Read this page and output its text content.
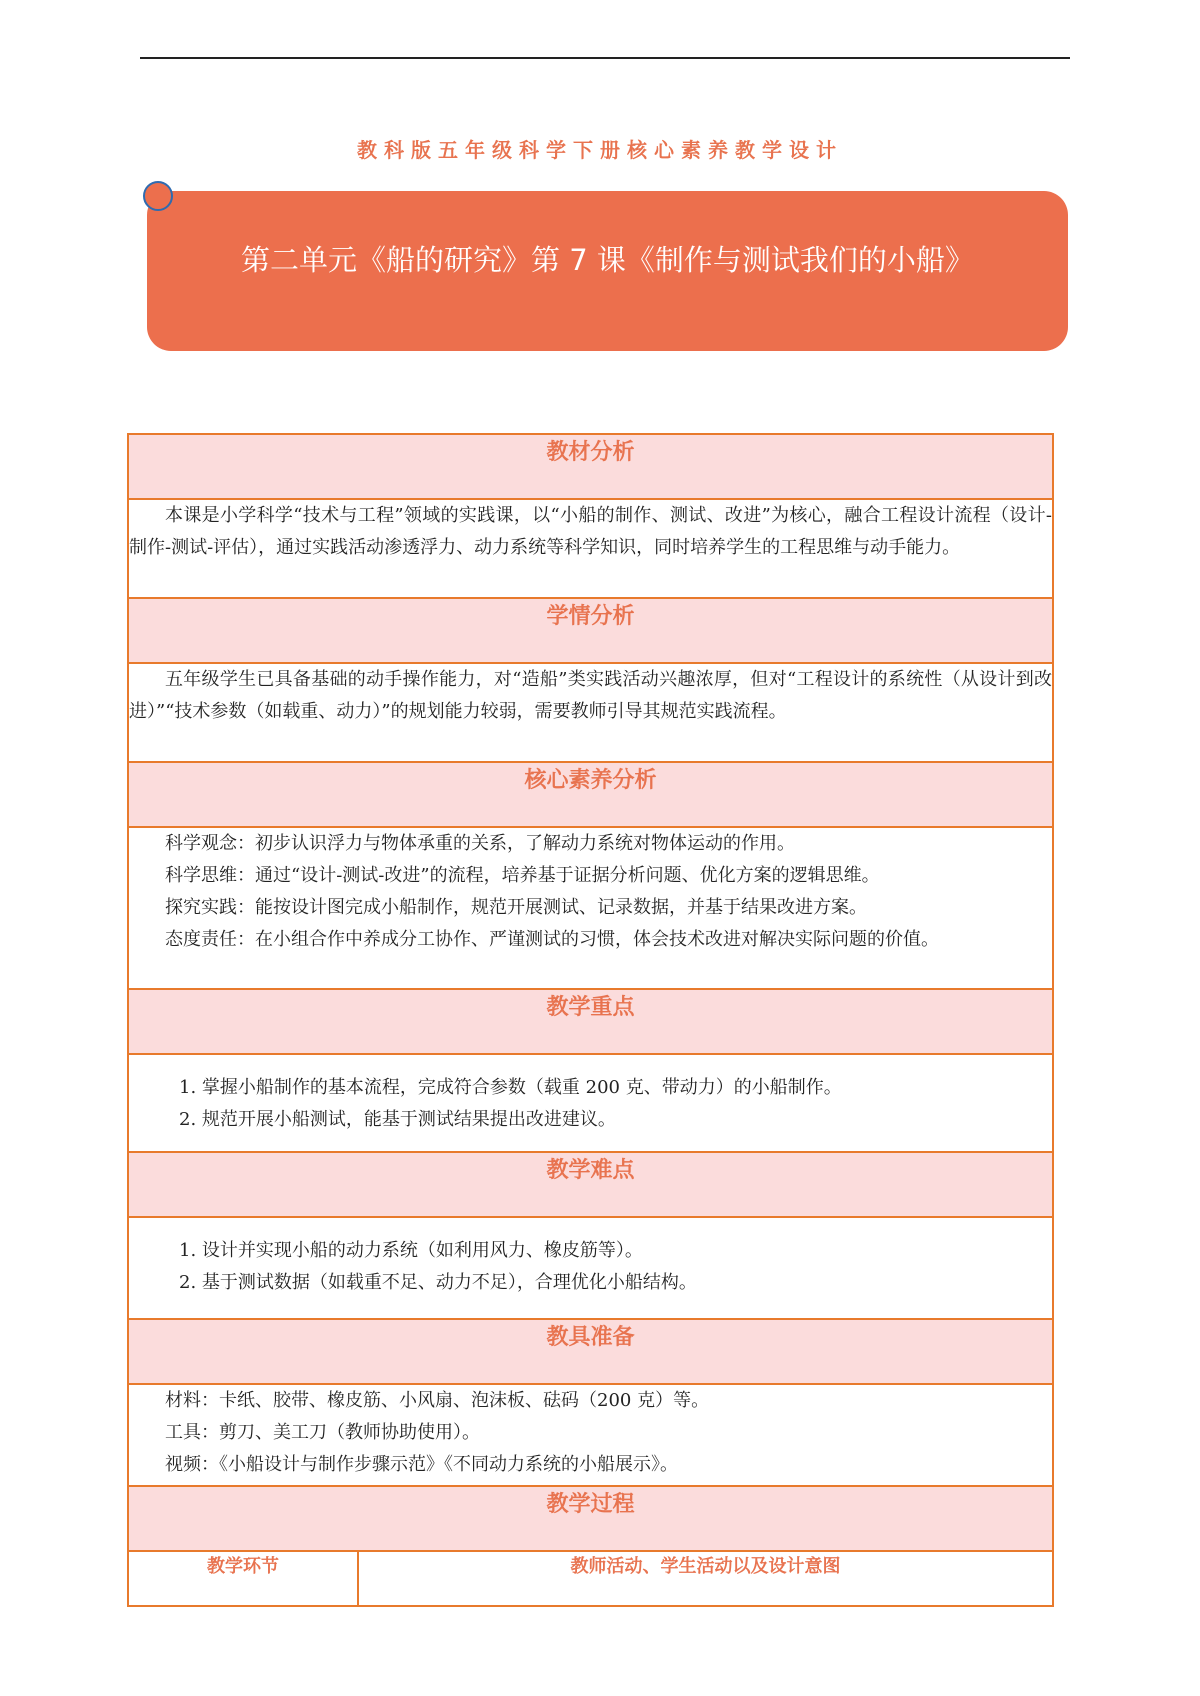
教科版五年级科学下册核心素养教学设计
第二单元《船的研究》第 7 课《制作与测试我们的小船》
教材分析

本课是小学科学“技术与工程”领域的实践课，以“小船的制作、测试、改进”为核心，融合工程设计流程（设计-制作-测试-评估），通过实践活动渗透浮力、动力系统等科学知识，同时培养学生的工程思维与动手能力。

学情分析

五年级学生已具备基础的动手操作能力，对“造船”类实践活动兴趣浓厚，但对“工程设计的系统性（从设计到改进）”“技术参数（如载重、动力）”的规划能力较弱，需要教师引导其规范实践流程。

核心素养分析

科学观念：初步认识浮力与物体承重的关系，了解动力系统对物体运动的作用。

科学思维：通过“设计-测试-改进”的流程，培养基于证据分析问题、优化方案的逻辑思维。

探究实践：能按设计图完成小船制作，规范开展测试、记录数据，并基于结果改进方案。

态度责任：在小组合作中养成分工协作、严谨测试的习惯，体会技术改进对解决实际问题的价值。

教学重点

1. 掌握小船制作的基本流程，完成符合参数（载重 200 克、带动力）的小船制作。

2. 规范开展小船测试，能基于测试结果提出改进建议。

教学难点

1. 设计并实现小船的动力系统（如利用风力、橡皮筋等）。

2. 基于测试数据（如载重不足、动力不足），合理优化小船结构。

教具准备

材料：卡纸、胶带、橡皮筋、小风扇、泡沫板、砝码（200 克）等。

工具：剪刀、美工刀（教师协助使用）。

视频：《小船设计与制作步骤示范》《不同动力系统的小船展示》。

教学过程
教学环节	教师活动、学生活动以及设计意图
